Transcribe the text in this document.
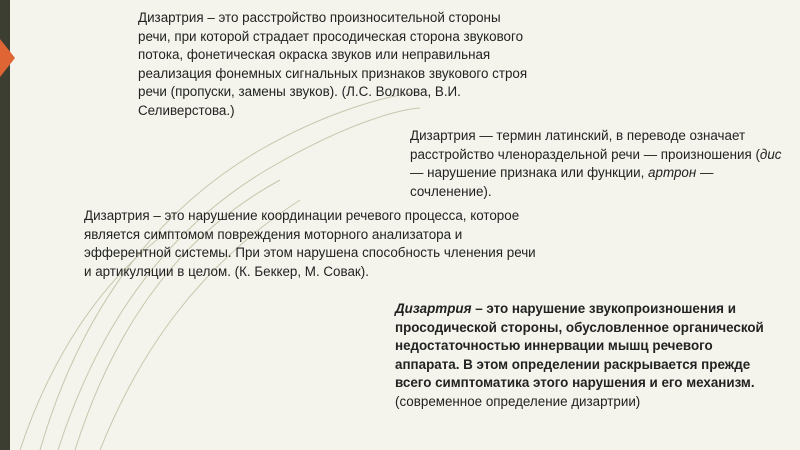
Дизартрия – это расстройство произносительной стороны речи, при которой страдает просодическая сторона звукового потока, фонетическая окраска звуков или неправильная реализация фонемных сигнальных признаков звукового строя речи (пропуски, замены звуков). (Л.С. Волкова, В.И. Селиверстова.)

Дизартрия — термин латинский, в переводе означает расстройство членораздельной речи — произношения (дис — нарушение признака или функции, артрон — сочленение).

Дизартрия – это нарушение координации речевого процесса, которое является симптомом повреждения моторного анализатора и эфферентной системы. При этом нарушена способность членения речи и артикуляции в целом. (К. Беккер, М. Совак).

Дизартрия – это нарушение звукопроизношения и просодической стороны, обусловленное органической недостаточностью иннервации мышц речевого аппарата. В этом определении раскрывается прежде всего симптоматика этого нарушения и его механизм. (современное определение дизартрии)
